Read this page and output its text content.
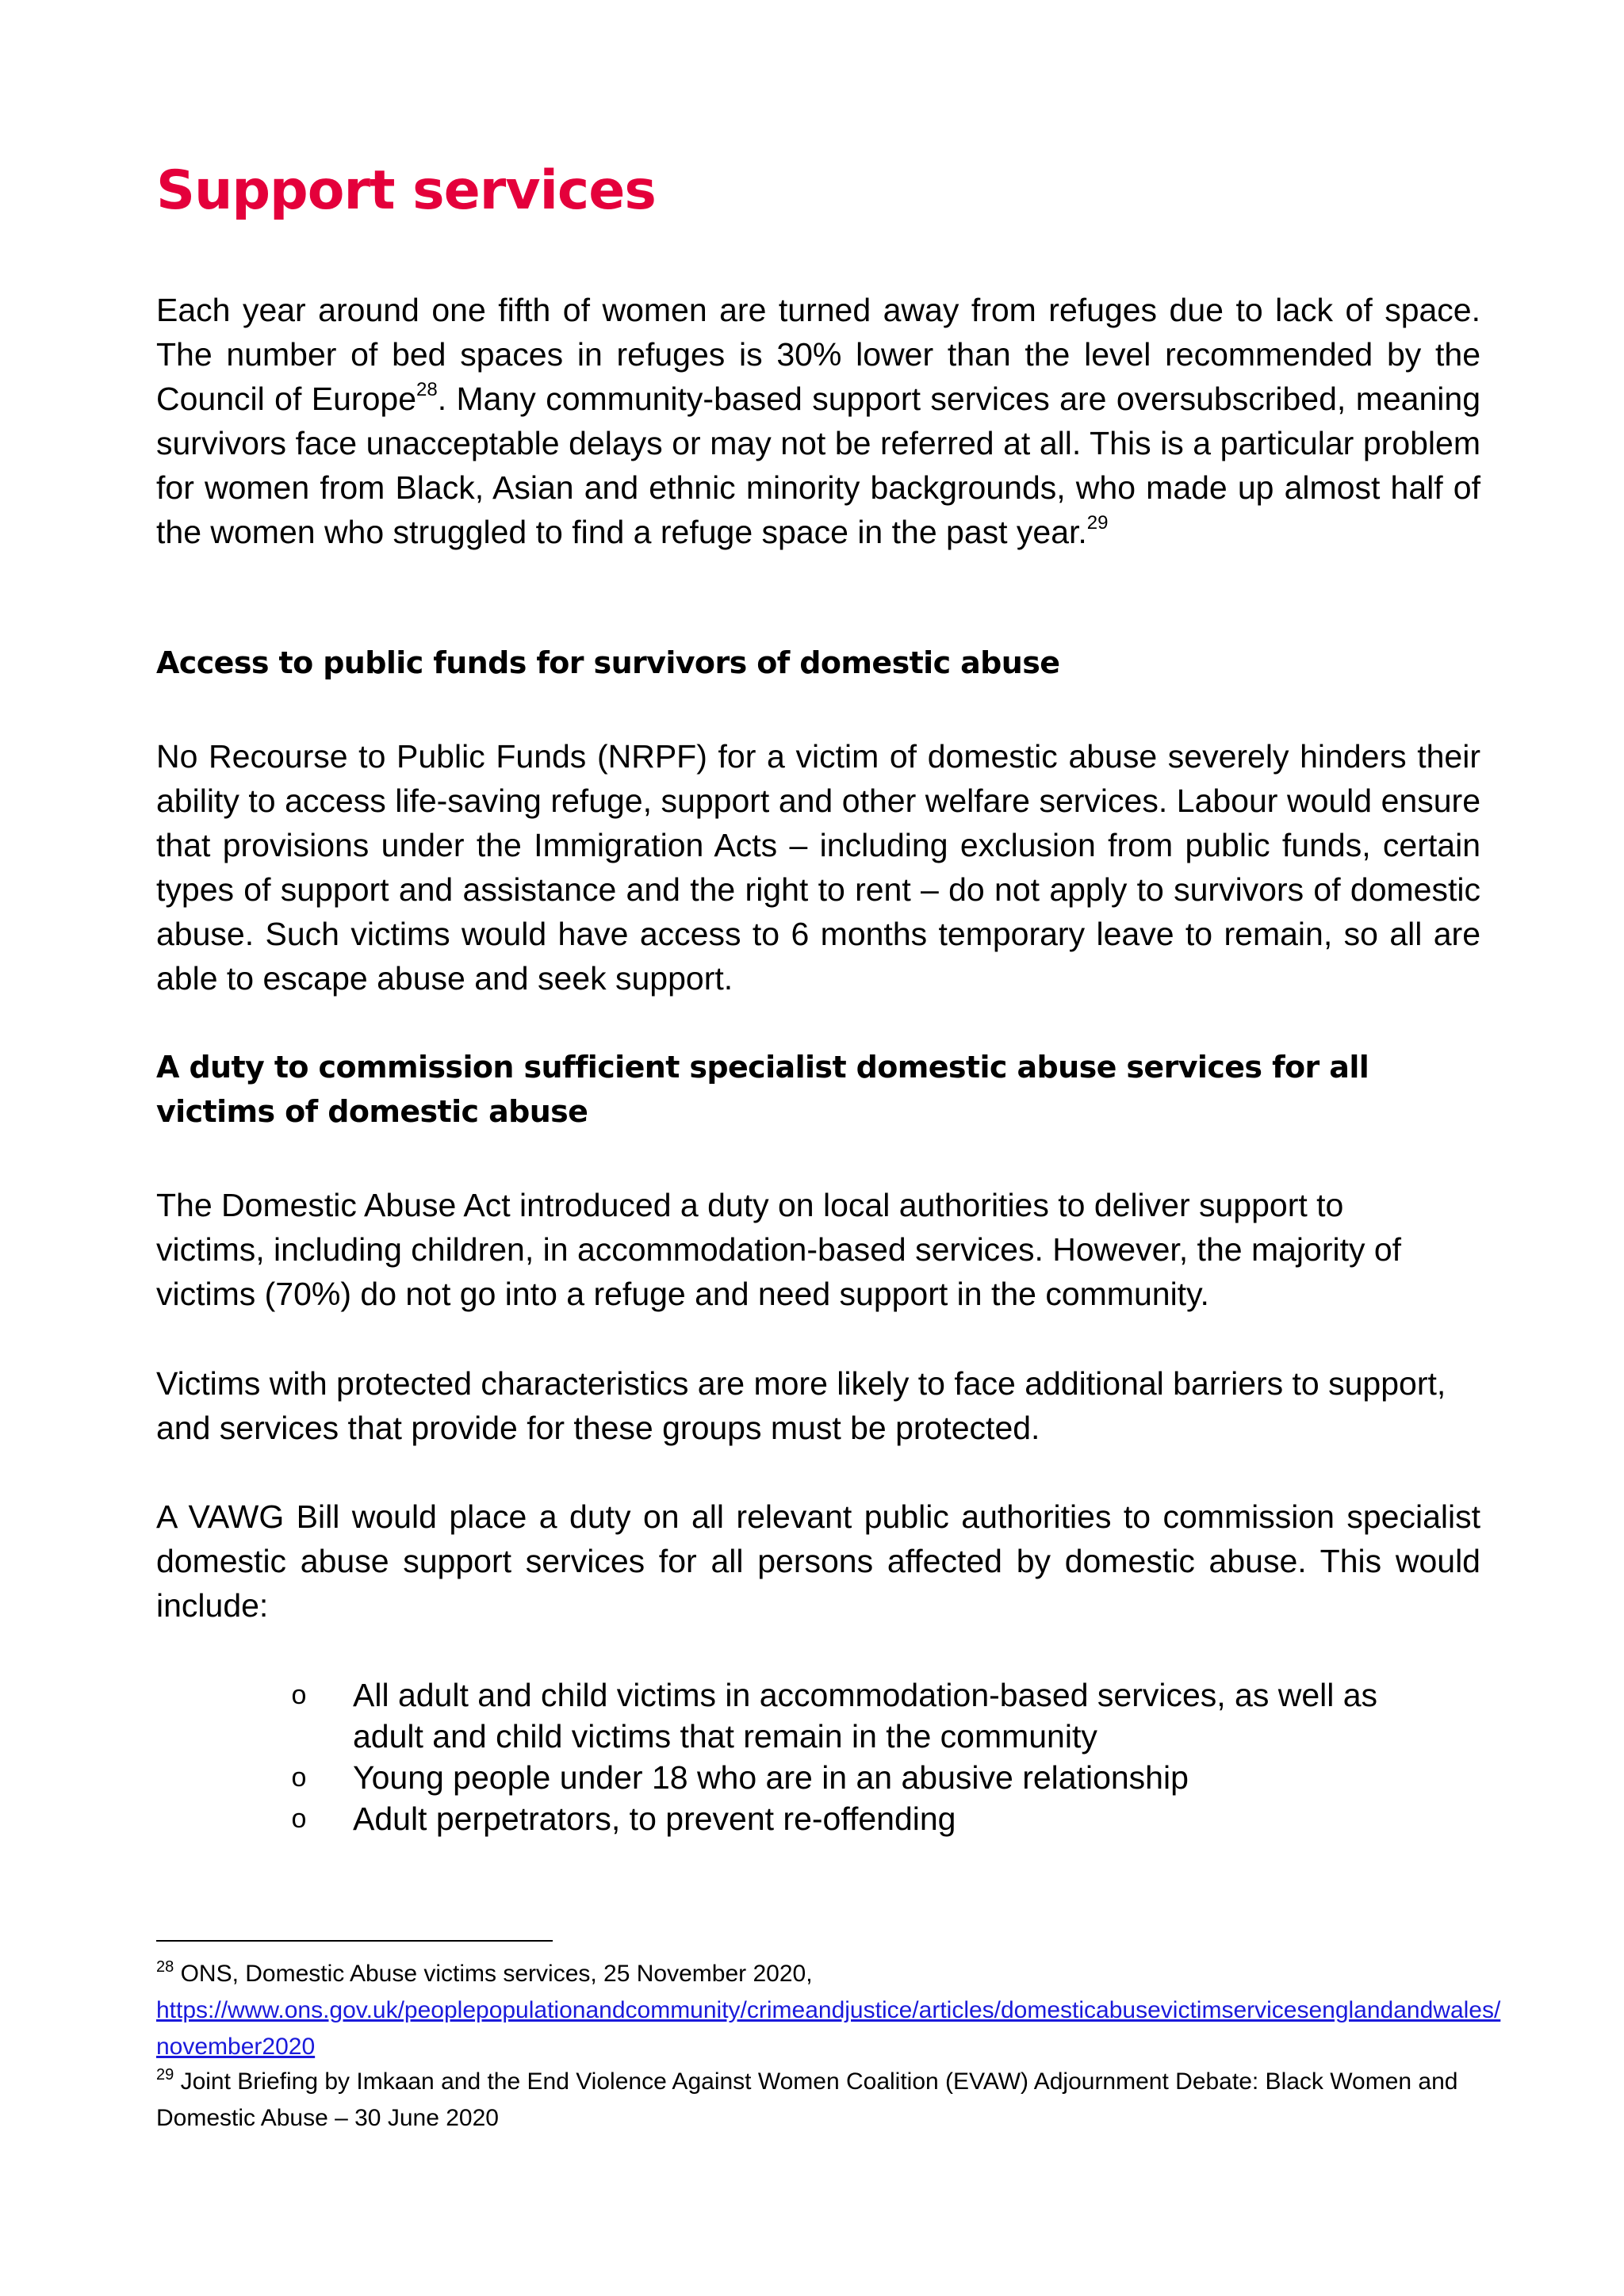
Support services

Each year around one fifth of women are turned away from refuges due to lack of space. The number of bed spaces in refuges is 30% lower than the level recommended by the Council of Europe$^{28}$. Many community-based support services are oversubscribed, meaning survivors face unacceptable delays or may not be referred at all. This is a particular problem for women from Black, Asian and ethnic minority backgrounds, who made up almost half of the women who struggled to find a refuge space in the past year.$^{29}$

Access to public funds for survivors of domestic abuse

No Recourse to Public Funds (NRPF) for a victim of domestic abuse severely hinders their ability to access life-saving refuge, support and other welfare services. Labour would ensure that provisions under the Immigration Acts – including exclusion from public funds, certain types of support and assistance and the right to rent – do not apply to survivors of domestic abuse. Such victims would have access to 6 months temporary leave to remain, so all are able to escape abuse and seek support.

A duty to commission sufficient specialist domestic abuse services for all victims of domestic abuse

The Domestic Abuse Act introduced a duty on local authorities to deliver support to victims, including children, in accommodation-based services. However, the majority of victims (70%) do not go into a refuge and need support in the community.

Victims with protected characteristics are more likely to face additional barriers to support, and services that provide for these groups must be protected.

A VAWG Bill would place a duty on all relevant public authorities to commission specialist domestic abuse support services for all persons affected by domestic abuse. This would include:

o All adult and child victims in accommodation-based services, as well as adult and child victims that remain in the community
o Young people under 18 who are in an abusive relationship
o Adult perpetrators, to prevent re-offending

$^{28}$ ONS, Domestic Abuse victims services, 25 November 2020,
https://www.ons.gov.uk/peoplepopulationandcommunity/crimeandjustice/articles/domesticabusevictimservicesenglandandwales/november2020

$^{29}$ Joint Briefing by Imkaan and the End Violence Against Women Coalition (EVAW) Adjournment Debate: Black Women and Domestic Abuse – 30 June 2020
